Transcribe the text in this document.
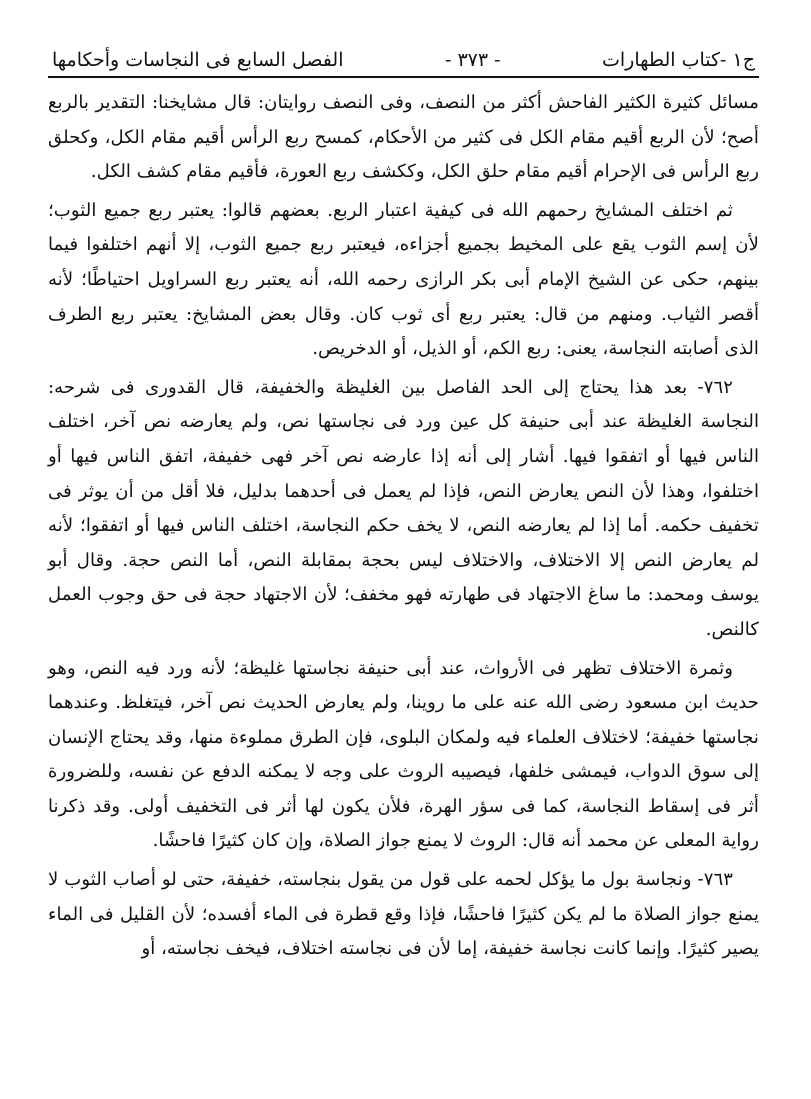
ج١ -كتاب الطهارات
- ٣٧٣ -
الفصل السابع فى النجاسات وأحكامها

مسائل كثيرة الكثير الفاحش أكثر من النصف، وفى النصف روايتان: قال مشايخنا: التقدير بالربع أصح؛ لأن الربع أقيم مقام الكل فى كثير من الأحكام، كمسح ربع الرأس أقيم مقام الكل، وكحلق ربع الرأس فى الإحرام أقيم مقام حلق الكل، وككشف ربع العورة، فأقيم مقام كشف الكل.

ثم اختلف المشايخ رحمهم الله فى كيفية اعتبار الربع. بعضهم قالوا: يعتبر ربع جميع الثوب؛ لأن إسم الثوب يقع على المخيط بجميع أجزاءه، فيعتبر ربع جميع الثوب، إلا أنهم اختلفوا فيما بينهم، حكى عن الشيخ الإمام أبى بكر الرازى رحمه الله، أنه يعتبر ربع السراويل احتياطًا؛ لأنه أقصر الثياب. ومنهم من قال: يعتبر ربع أى ثوب كان. وقال بعض المشايخ: يعتبر ربع الطرف الذى أصابته النجاسة، يعنى: ربع الكم، أو الذيل، أو الدخريص.

٧٦٢- بعد هذا يحتاج إلى الحد الفاصل بين الغليظة والخفيفة، قال القدورى فى شرحه: النجاسة الغليظة عند أبى حنيفة كل عين ورد فى نجاستها نص، ولم يعارضه نص آخر، اختلف الناس فيها أو اتفقوا فيها. أشار إلى أنه إذا عارضه نص آخر فهى خفيفة، اتفق الناس فيها أو اختلفوا، وهذا لأن النص يعارض النص، فإذا لم يعمل فى أحدهما بدليل، فلا أقل من أن يوثر فى تخفيف حكمه. أما إذا لم يعارضه النص، لا يخف حكم النجاسة، اختلف الناس فيها أو اتفقوا؛ لأنه لم يعارض النص إلا الاختلاف، والاختلاف ليس بحجة بمقابلة النص، أما النص حجة. وقال أبو يوسف ومحمد: ما ساغ الاجتهاد فى طهارته فهو مخفف؛ لأن الاجتهاد حجة فى حق وجوب العمل كالنص.

وثمرة الاختلاف تظهر فى الأرواث، عند أبى حنيفة نجاستها غليظة؛ لأنه ورد فيه النص، وهو حديث ابن مسعود رضى الله عنه على ما روينا، ولم يعارض الحديث نص آخر، فيتغلظ. وعندهما نجاستها خفيفة؛ لاختلاف العلماء فيه ولمكان البلوى، فإن الطرق مملوءة منها، وقد يحتاج الإنسان إلى سوق الدواب، فيمشى خلفها، فيصيبه الروث على وجه لا يمكنه الدفع عن نفسه، وللضرورة أثر فى إسقاط النجاسة، كما فى سؤر الهرة، فلأن يكون لها أثر فى التخفيف أولى. وقد ذكرنا رواية المعلى عن محمد أنه قال: الروث لا يمنع جواز الصلاة، وإن كان كثيرًا فاحشًا.

٧٦٣- ونجاسة بول ما يؤكل لحمه على قول من يقول بنجاسته، خفيفة، حتى لو أصاب الثوب لا يمنع جواز الصلاة ما لم يكن كثيرًا فاحشًا، فإذا وقع قطرة فى الماء أفسده؛ لأن القليل فى الماء يصير كثيرًا. وإنما كانت نجاسة خفيفة، إما لأن فى نجاسته اختلاف، فيخف نجاسته، أو
